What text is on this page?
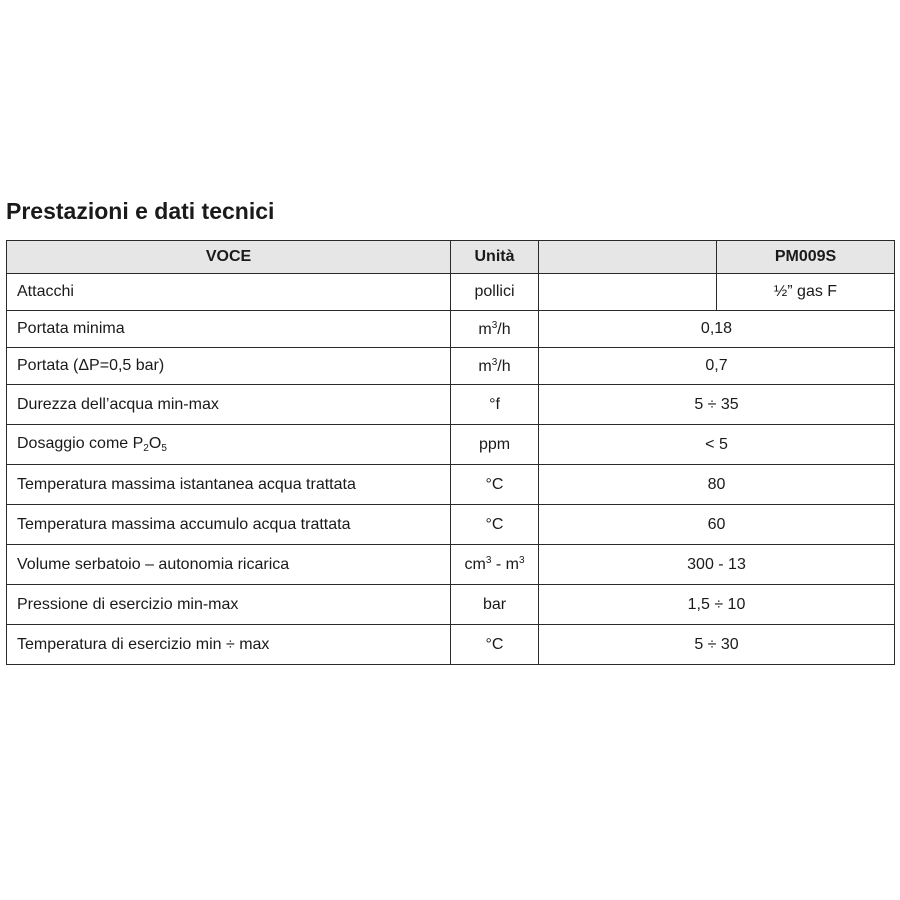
Prestazioni e dati tecnici
VOCE	Unità		PM009S
Attacchi	pollici		½” gas F
Portata minima	$m^3/h$	0,18	
Portata (ΔP=0,5 bar)	$m^3/h$	0,7	
Durezza dell’acqua min-max	°f	5 ÷ 35	
Dosaggio come $P_2O_5$	ppm	< 5	
Temperatura massima istantanea acqua trattata	°C	80	
Temperatura massima accumulo acqua trattata	°C	60	
Volume serbatoio – autonomia ricarica	$cm^3 - m^3$	300 - 13	
Pressione di esercizio min-max	bar	1,5 ÷ 10	
Temperatura di esercizio min ÷ max	°C	5 ÷ 30	
